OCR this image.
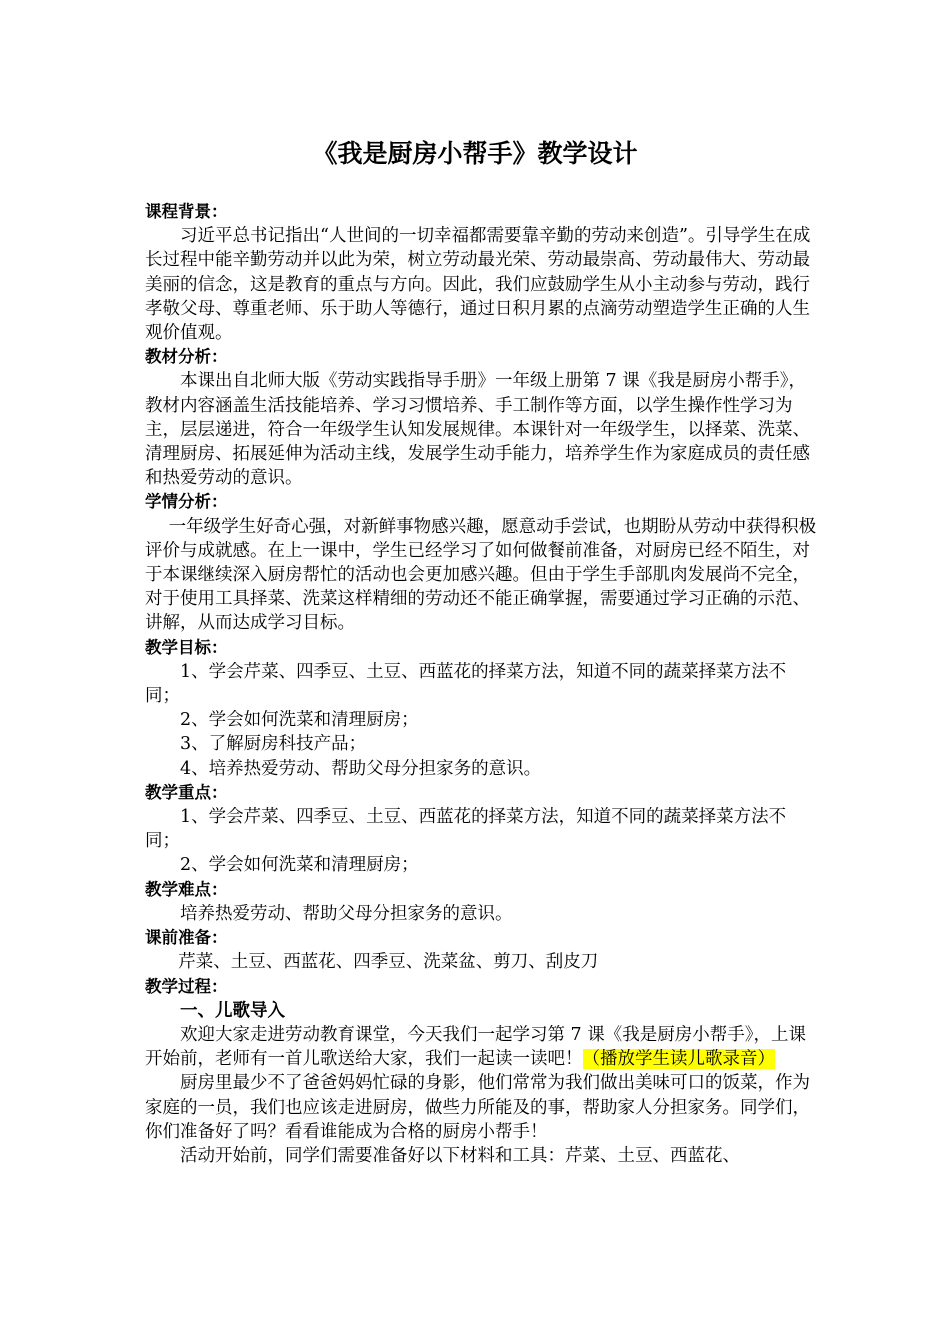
《我是厨房小帮手》教学设计

课程背景：

习近平总书记指出“人世间的一切幸福都需要靠辛勤的劳动来创造”。引导学生在成长过程中能辛勤劳动并以此为荣，树立劳动最光荣、劳动最崇高、劳动最伟大、劳动最美丽的信念，这是教育的重点与方向。因此，我们应鼓励学生从小主动参与劳动，践行孝敬父母、尊重老师、乐于助人等德行，通过日积月累的点滴劳动塑造学生正确的人生观价值观。

教材分析：

本课出自北师大版《劳动实践指导手册》一年级上册第 7 课《我是厨房小帮手》，教材内容涵盖生活技能培养、学习习惯培养、手工制作等方面，以学生操作性学习为主，层层递进，符合一年级学生认知发展规律。本课针对一年级学生，以择菜、洗菜、清理厨房、拓展延伸为活动主线，发展学生动手能力，培养学生作为家庭成员的责任感和热爱劳动的意识。

学情分析：

一年级学生好奇心强，对新鲜事物感兴趣，愿意动手尝试，也期盼从劳动中获得积极评价与成就感。在上一课中，学生已经学习了如何做餐前准备，对厨房已经不陌生，对于本课继续深入厨房帮忙的活动也会更加感兴趣。但由于学生手部肌肉发展尚不完全，对于使用工具择菜、洗菜这样精细的劳动还不能正确掌握，需要通过学习正确的示范、讲解，从而达成学习目标。

教学目标：

1、学会芹菜、四季豆、土豆、西蓝花的择菜方法，知道不同的蔬菜择菜方法不同；

2、学会如何洗菜和清理厨房；

3、了解厨房科技产品；

4、培养热爱劳动、帮助父母分担家务的意识。

教学重点：

1、学会芹菜、四季豆、土豆、西蓝花的择菜方法，知道不同的蔬菜择菜方法不同；

2、学会如何洗菜和清理厨房；

教学难点：

培养热爱劳动、帮助父母分担家务的意识。

课前准备：

芹菜、土豆、西蓝花、四季豆、洗菜盆、剪刀、刮皮刀

教学过程：

一、儿歌导入

欢迎大家走进劳动教育课堂，今天我们一起学习第 7 课《我是厨房小帮手》，上课开始前，老师有一首儿歌送给大家，我们一起读一读吧！（播放学生读儿歌录音）

厨房里最少不了爸爸妈妈忙碌的身影，他们常常为我们做出美味可口的饭菜，作为家庭的一员，我们也应该走进厨房，做些力所能及的事，帮助家人分担家务。同学们，你们准备好了吗？看看谁能成为合格的厨房小帮手！

活动开始前，同学们需要准备好以下材料和工具：芹菜、土豆、西蓝花、
